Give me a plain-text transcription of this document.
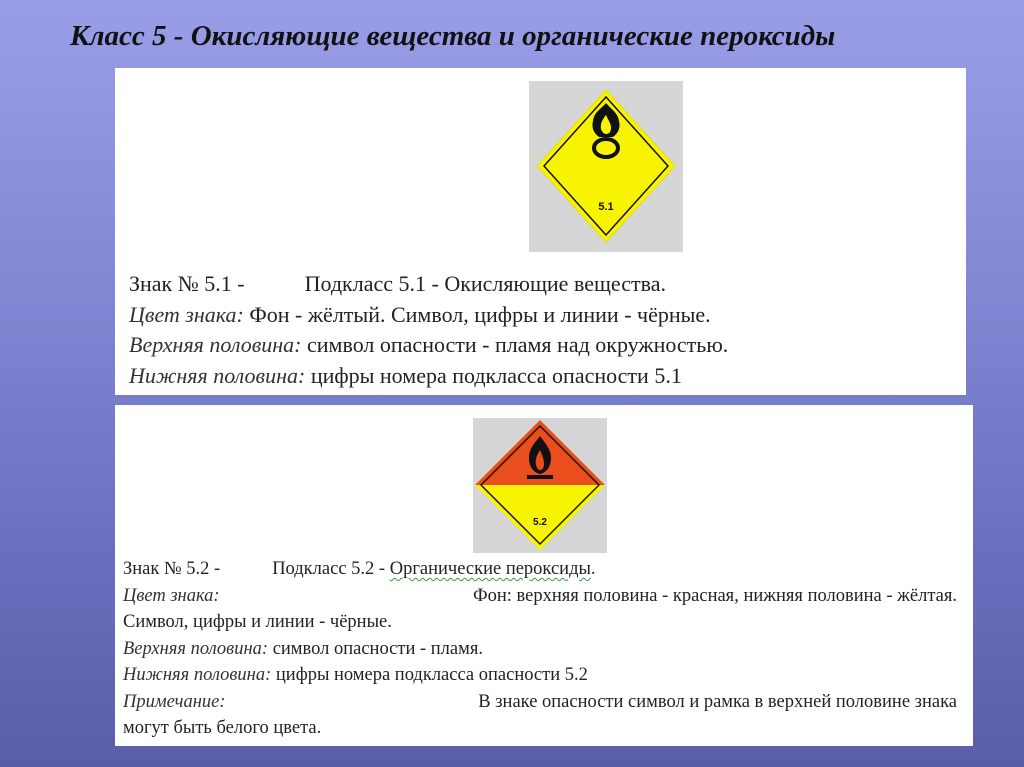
Класс 5 - Окисляющие вещества и органические пероксиды
5.1
Знак № 5.1 -	Подкласс 5.1 - Окисляющие вещества.
Цвет знака: Фон - жёлтый. Символ, цифры и линии - чёрные.
Верхняя половина: символ опасности - пламя над окружностью.
Нижняя половина: цифры номера подкласса опасности 5.1
5.2
Знак № 5.2 -	Подкласс 5.2 - Органические пероксиды.
Цвет знака:	Фон: верхняя половина - красная, нижняя половина - жёлтая.
Символ, цифры и линии - чёрные.
Верхняя половина: символ опасности - пламя.
Нижняя половина: цифры номера подкласса опасности 5.2
Примечание:	В знаке опасности символ и рамка в верхней половине знака
могут быть белого цвета.
